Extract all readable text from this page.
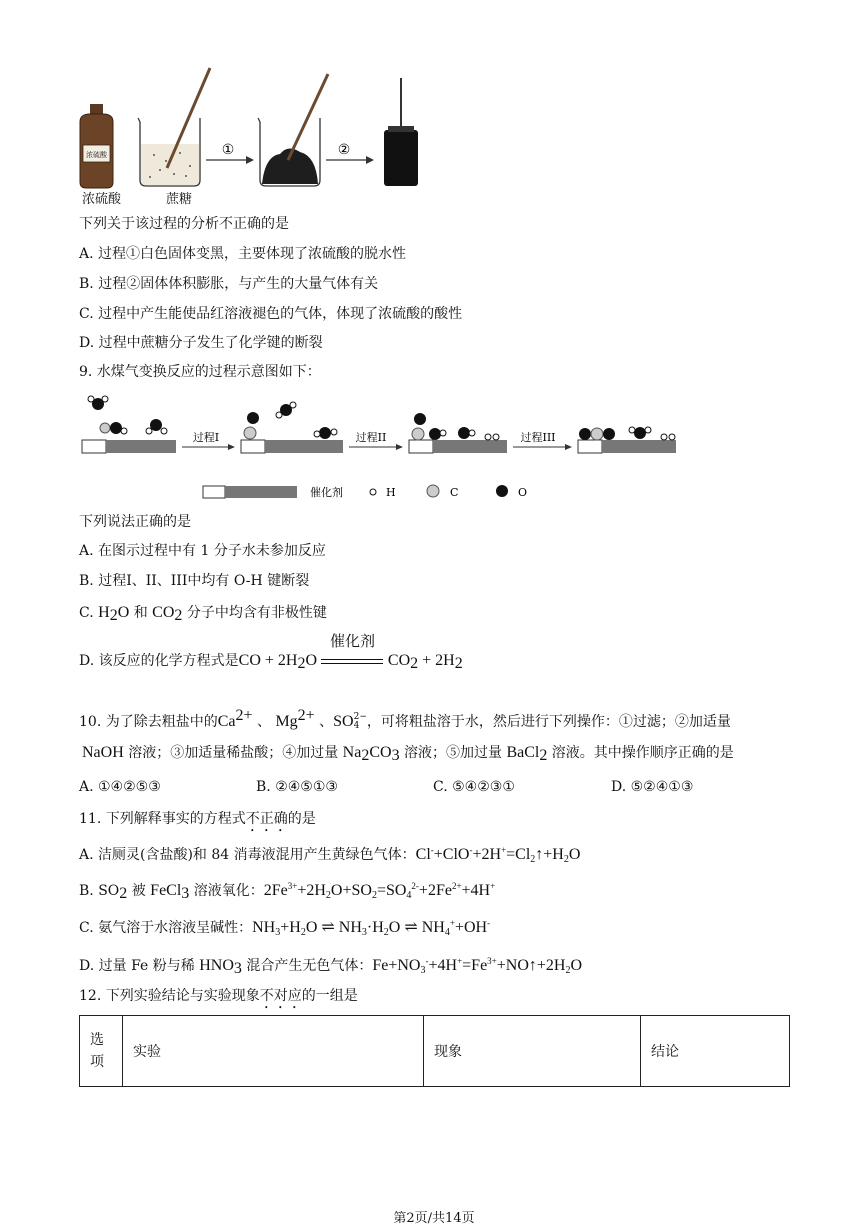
浓硫酸	①	②
浓硫酸	蔗糖
下列关于该过程的分析不正确的是
A. 过程①白色固体变黑，主要体现了浓硫酸的脱水性
B. 过程②固体体积膨胀，与产生的大量气体有关
C. 过程中产生能使品红溶液褪色的气体，体现了浓硫酸的酸性
D. 过程中蔗糖分子发生了化学键的断裂
9. 水煤气变换反应的过程示意图如下：
过程I	过程II	过程III
催化剂	H	C	O
下列说法正确的是
A. 在图示过程中有 1 分子水未参加反应
B. 过程I、II、III中均有 O-H 键断裂
C. $H_2O$ 和 $CO_2$ 分子中均含有非极性键
D. 该反应的化学方程式是CO + $2H_2O$
催化剂
$CO_2 + 2H_2$
10. 为了除去粗盐中的$Ca^{2+}$ 、 $Mg^{2+}$ 、SO 2−
4 ，可将粗盐溶于水，然后进行下列操作：①过滤；②加适量
NaOH 溶液；③加适量稀盐酸；④加过量 $Na_2CO_3$ 溶液；⑤加过量 BaCl$_2$ 溶液。其中操作顺序正确的是
A. ①④②⑤③	B. ②④⑤①③	C. ⑤④②③①	D. ⑤②④①③
11. 下列解释事实的方程式不正确的是
A. 洁厕灵(含盐酸)和 84 消毒液混用产生黄绿色气体：$Cl^-+ClO^-+2H^+=Cl_2↑+H_2O$
B. $SO_2$ 被 FeCl$_3$ 溶液氧化：$2Fe^{3+}+2H_2O+SO_2=SO_4^{2-}+2Fe^{2+}+4H^+$
C. 氨气溶于水溶液呈碱性：$NH_3+H_2O$ ⇌ $NH_3\cdot H_2O$ ⇌ $NH_4^++OH^-$
D. 过量 Fe 粉与稀 $HNO_3$ 混合产生无色气体：$Fe+NO_3^-+4H^+=Fe^{3+}+NO↑+2H_2O$
12. 下列实验结论与实验现象不对应的一组是
选
项	实验	现象	结论
第2页/共14页
